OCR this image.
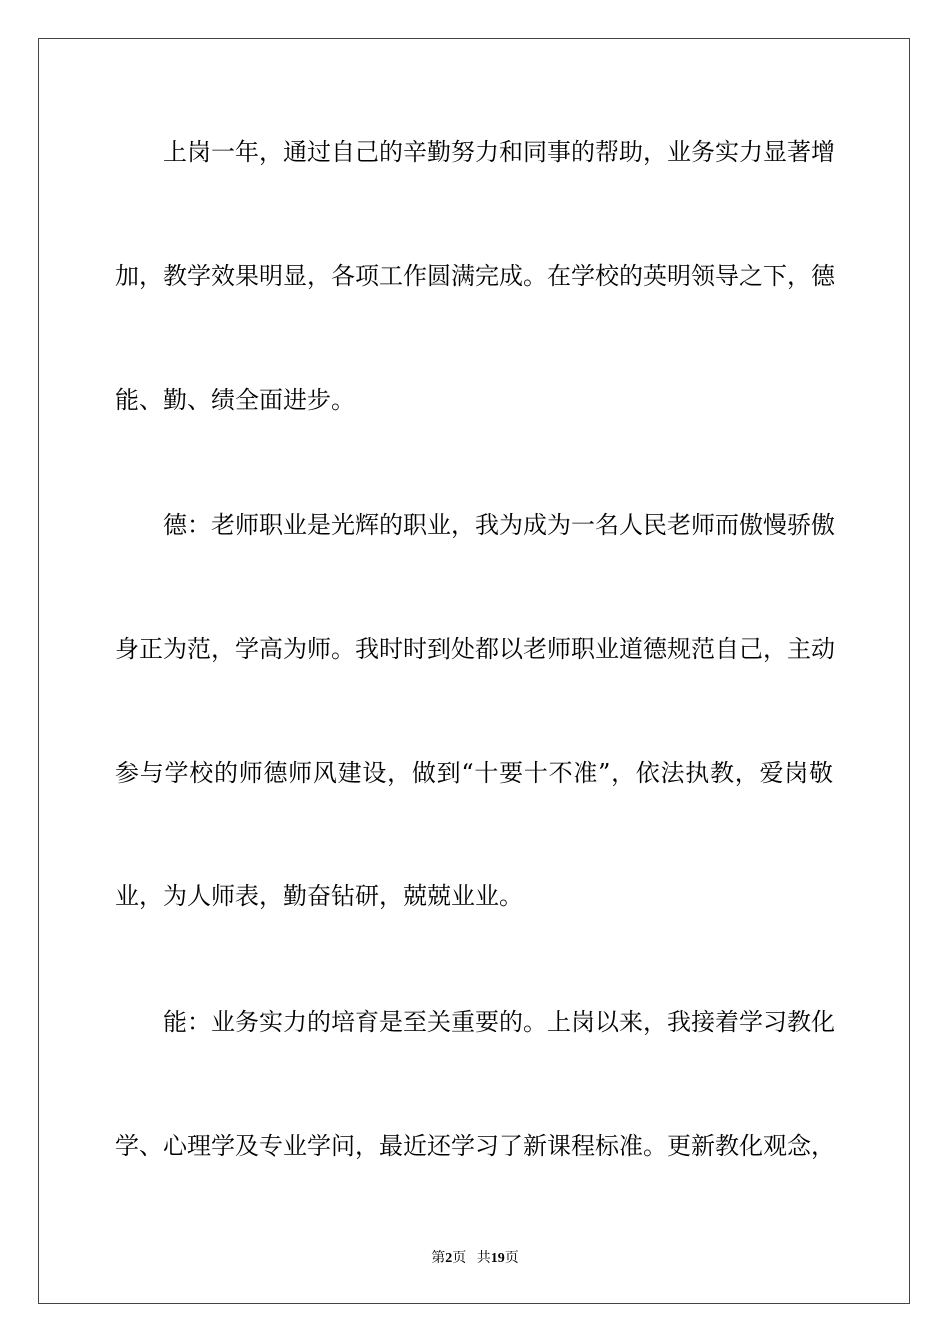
上岗一年，通过自己的辛勤努力和同事的帮助，业务实力显著增
加，教学效果明显，各项工作圆满完成。在学校的英明领导之下，德
能、勤、绩全面进步。
德：老师职业是光辉的职业，我为成为一名人民老师而傲慢骄傲
身正为范，学高为师。我时时到处都以老师职业道德规范自己，主动
参与学校的师德师风建设，做到“十要十不准”，依法执教，爱岗敬
业，为人师表，勤奋钻研，兢兢业业。
能：业务实力的培育是至关重要的。上岗以来，我接着学习教化
学、心理学及专业学问，最近还学习了新课程标准。更新教化观念，
第2页 共19页
